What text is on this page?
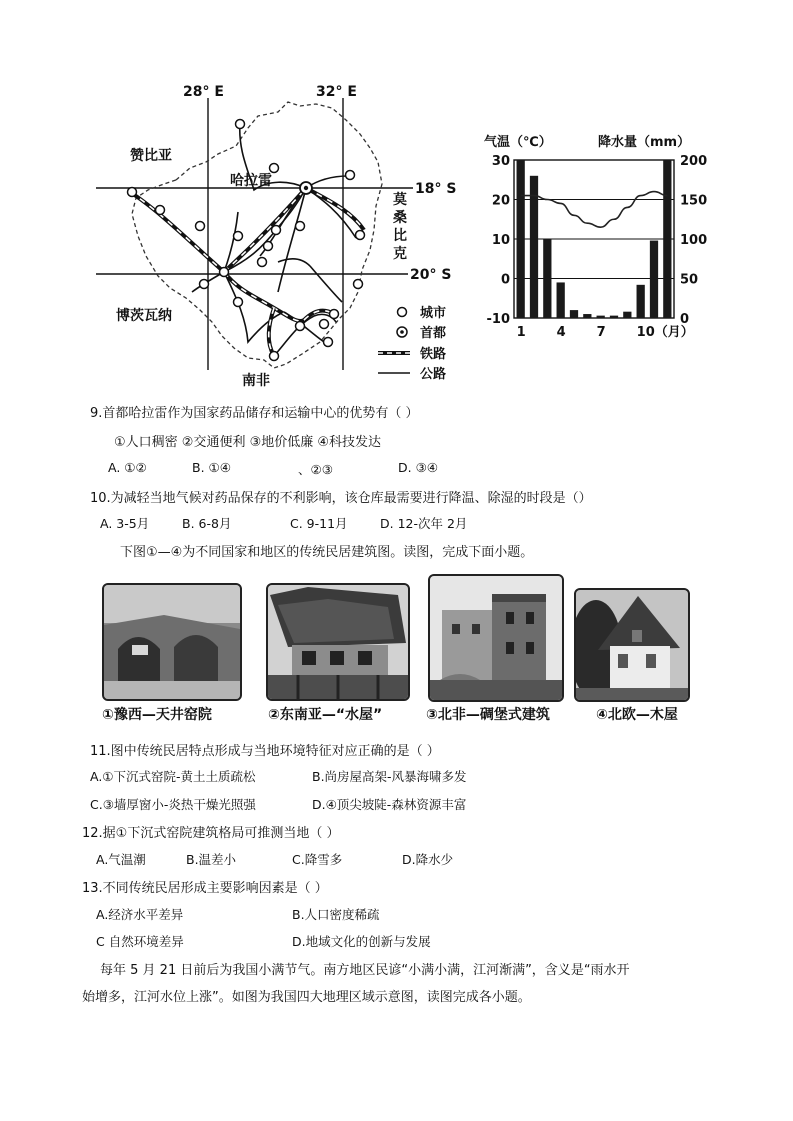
28° E	32° E
18° S
20° S
赞比亚
哈拉雷
莫
桑
比
克
博茨瓦纳
南非
城市
首都
铁路
公路
气温（℃）	降水量（mm）
30
20
10
0
-10
200
150
100
50
0
1 4 7 10（月）
9.首都哈拉雷作为国家药品储存和运输中心的优势有（ ）
①人口稠密 ②交通便利 ③地价低廉 ④科技发达
A. ①②	B. ①④	、②③	D. ③④
10.为减轻当地气候对药品保存的不利影响，该仓库最需要进行降温、除湿的时段是（）
A. 3-5月	B. 6-8月	C. 9-11月	D. 12-次年 2月
下图①—④为不同国家和地区的传统民居建筑图。读图，完成下面小题。
①豫西—天井窑院	②东南亚—“水屋”	③北非—碉堡式建筑	④北欧—木屋
11.图中传统民居特点形成与当地环境特征对应正确的是（ ）
A.①下沉式窑院-黄土土质疏松	B.尚房屋高架-风暴海啸多发
C.③墙厚窗小-炎热干燥光照强	D.④顶尖坡陡-森林资源丰富
12.据①下沉式窑院建筑格局可推测当地（ ）
A.气温潮	B.温差小	C.降雪多	D.降水少
13.不同传统民居形成主要影响因素是（ ）
A.经济水平差异	B.人口密度稀疏
C 自然环境差异	D.地域文化的创新与发展
每年 5 月 21 日前后为我国小满节气。南方地区民谚“小满小满，江河渐满”，含义是“雨水开
始增多，江河水位上涨”。如图为我国四大地理区域示意图，读图完成各小题。
